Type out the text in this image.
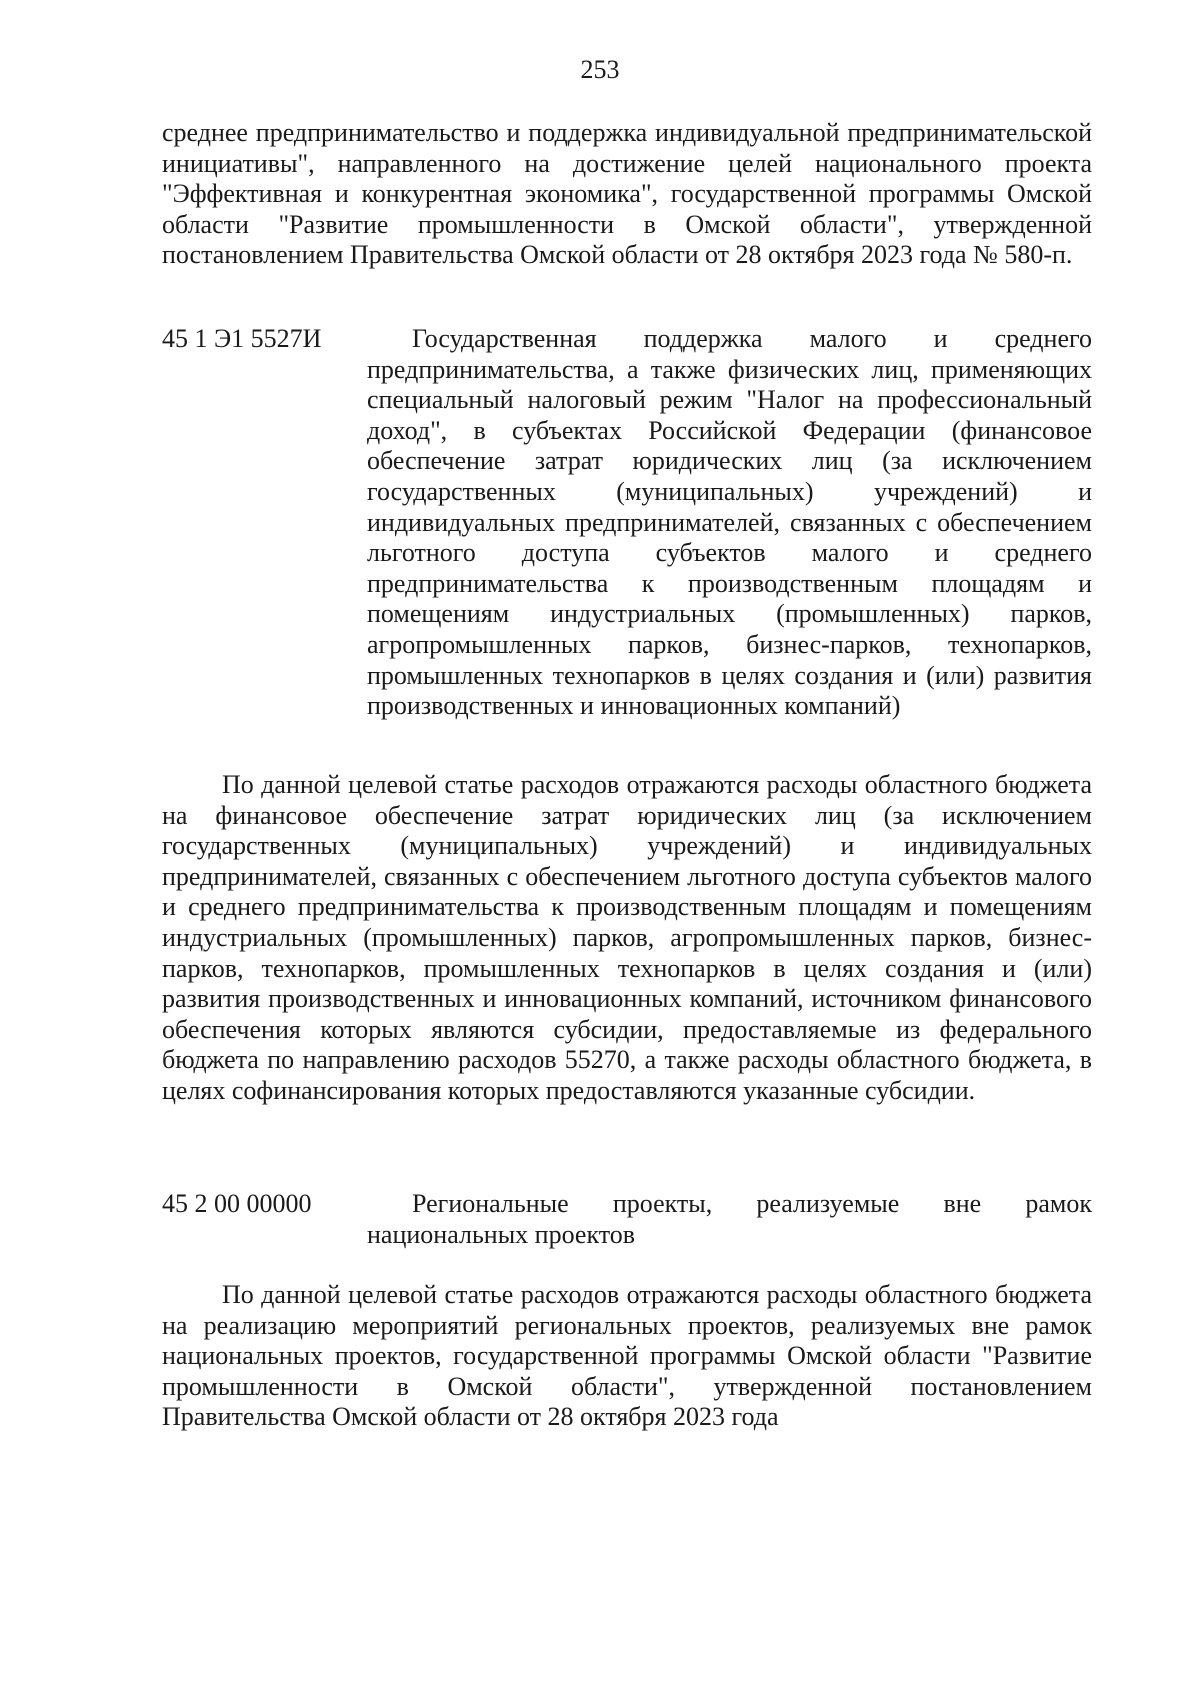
253
среднее предпринимательство и поддержка индивидуальной предпринимательской инициативы", направленного на достижение целей национального проекта "Эффективная и конкурентная экономика", государственной программы Омской области "Развитие промышленности в Омской области", утвержденной постановлением Правительства Омской области от 28 октября 2023 года № 580-п.
45 1 Э1 5527И	Государственная поддержка малого и среднего предпринимательства, а также физических лиц, применяющих специальный налоговый режим "Налог на профессиональный доход", в субъектах Российской Федерации (финансовое обеспечение затрат юридических лиц (за исключением государственных (муниципальных) учреждений) и индивидуальных предпринимателей, связанных с обеспечением льготного доступа субъектов малого и среднего предпринимательства к производственным площадям и помещениям индустриальных (промышленных) парков, агропромышленных парков, бизнес-парков, технопарков, промышленных технопарков в целях создания и (или) развития производственных и инновационных компаний)
По данной целевой статье расходов отражаются расходы областного бюджета на финансовое обеспечение затрат юридических лиц (за исключением государственных (муниципальных) учреждений) и индивидуальных предпринимателей, связанных с обеспечением льготного доступа субъектов малого и среднего предпринимательства к производственным площадям и помещениям индустриальных (промышленных) парков, агропромышленных парков, бизнес-парков, технопарков, промышленных технопарков в целях создания и (или) развития производственных и инновационных компаний, источником финансового обеспечения которых являются субсидии, предоставляемые из федерального бюджета по направлению расходов 55270, а также расходы областного бюджета, в целях софинансирования которых предоставляются указанные субсидии.
45 2 00 00000	Региональные проекты, реализуемые вне рамок национальных проектов
По данной целевой статье расходов отражаются расходы областного бюджета на реализацию мероприятий региональных проектов, реализуемых вне рамок национальных проектов, государственной программы Омской области "Развитие промышленности в Омской области", утвержденной постановлением Правительства Омской области от 28 октября 2023 года
